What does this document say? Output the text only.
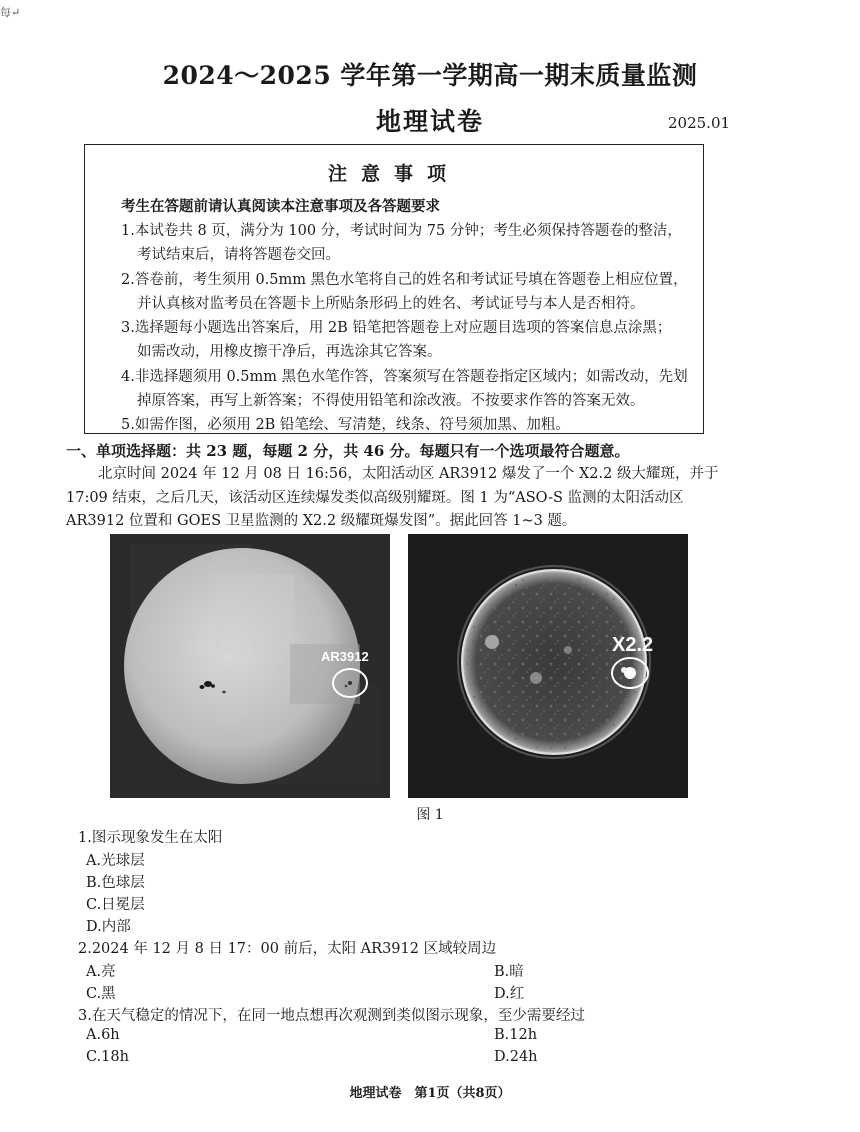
每↵
2024～2025 学年第一学期高一期末质量监测
地理试卷	2025.01
注意事项
考生在答题前请认真阅读本注意事项及各答题要求

1.本试卷共 8 页，满分为 100 分，考试时间为 75 分钟；考生必须保持答题卷的整洁，

考试结束后，请将答题卷交回。

2.答卷前，考生须用 0.5mm 黑色水笔将自己的姓名和考试证号填在答题卷上相应位置，

并认真核对监考员在答题卡上所贴条形码上的姓名、考试证号与本人是否相符。

3.选择题每小题选出答案后，用 2B 铅笔把答题卷上对应题目选项的答案信息点涂黑；

如需改动，用橡皮擦干净后，再选涂其它答案。

4.非选择题须用 0.5mm 黑色水笔作答，答案须写在答题卷指定区域内；如需改动，先划

掉原答案，再写上新答案；不得使用铅笔和涂改液。不按要求作答的答案无效。

5.如需作图，必须用 2B 铅笔绘、写清楚，线条、符号须加黑、加粗。

一、单项选择题：共 23 题，每题 2 分，共 46 分。每题只有一个选项最符合题意。

北京时间 2024 年 12 月 08 日 16:56，太阳活动区 AR3912 爆发了一个 X2.2 级大耀斑，并于 17:09 结束，之后几天，该活动区连续爆发类似高级别耀斑。图 1 为“ASO-S 监测的太阳活动区 AR3912 位置和 GOES 卫星监测的 X2.2 级耀斑爆发图”。据此回答 1~3 题。

AR3912
X2.2
图 1
1.图示现象发生在太阳
A.光球层
B.色球层
C.日冕层
D.内部
2.2024 年 12 月 8 日 17：00 前后，太阳 AR3912 区域较周边
A.亮	B.暗
C.黑	D.红
3.在天气稳定的情况下，在同一地点想再次观测到类似图示现象，至少需要经过
A.6h	B.12h
C.18h	D.24h
地理试卷　第1页（共8页）
